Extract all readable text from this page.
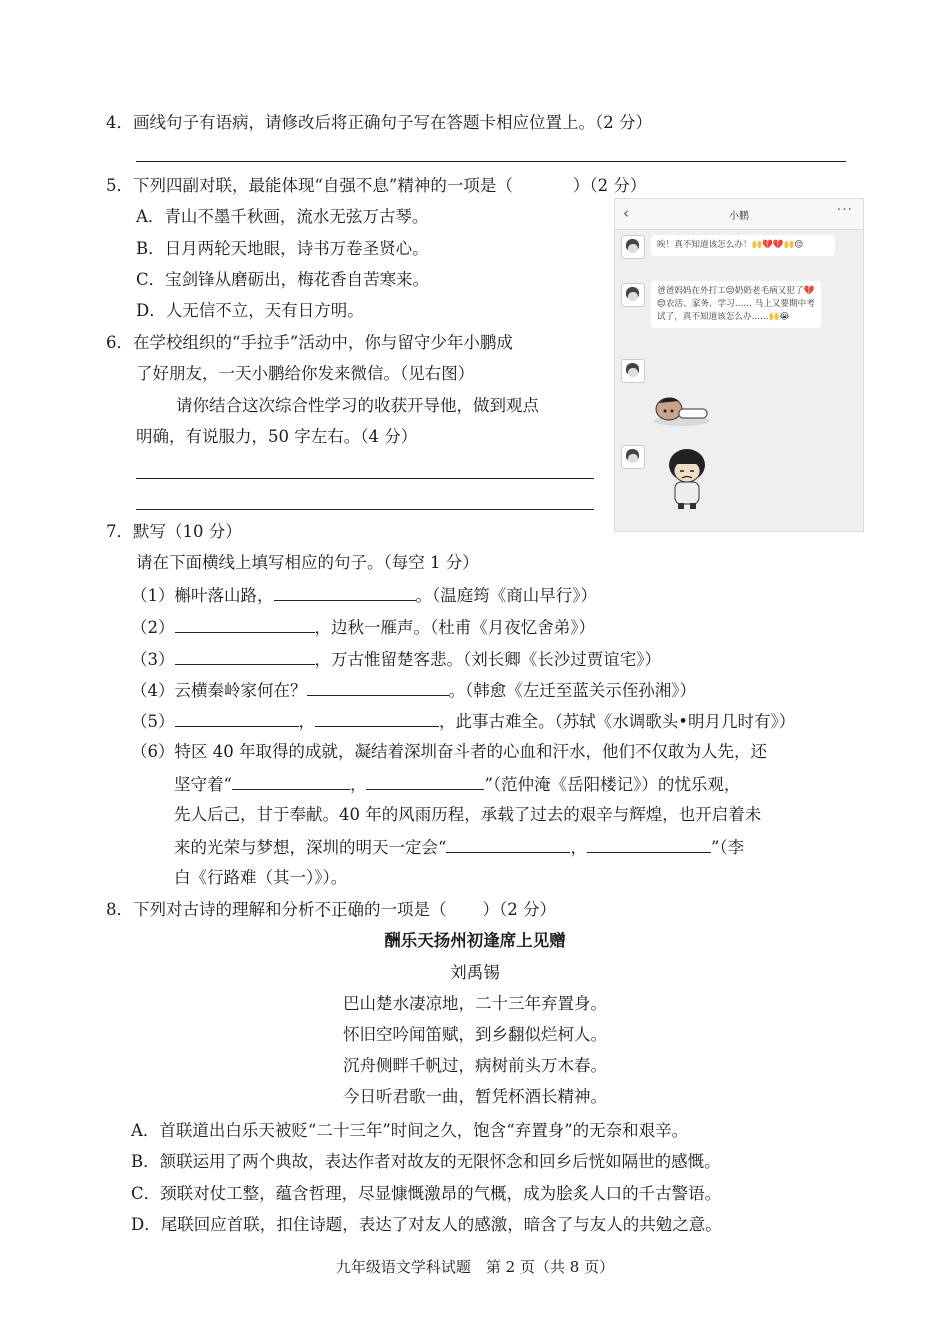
4．画线句子有语病，请修改后将正确句子写在答题卡相应位置上。（2 分）
5．下列四副对联，最能体现“自强不息”精神的一项是（	）（2 分）
A．青山不墨千秋画，流水无弦万古琴。
B．日月两轮天地眼，诗书万卷圣贤心。
C．宝剑锋从磨砺出，梅花香自苦寒来。
D．人无信不立，天有日方明。
6．在学校组织的“手拉手”活动中，你与留守少年小鹏成
了好朋友，一天小鹏给你发来微信。（见右图）
请你结合这次综合性学习的收获开导他，做到观点
明确，有说服力，50 字左右。（4 分）
‹	小鹏	···
唉！真不知道该怎么办！🙌💔💔🙌😔
爸爸妈妈在外打工😔奶奶老毛病又犯了💔😔农活、家务、学习…… 马上又要期中考试了，真不知道该怎么办……🙌😭
7．默写（10 分）
请在下面横线上填写相应的句子。（每空 1 分）
（1）槲叶落山路，	。（温庭筠《商山早行》）
（2）	，边秋一雁声。（杜甫《月夜忆舍弟》）
（3）	，万古惟留楚客悲。（刘长卿《长沙过贾谊宅》）
（4）云横秦岭家何在？	。（韩愈《左迁至蓝关示侄孙湘》）
（5）	，	，此事古难全。（苏轼《水调歌头•明月几时有》）
（6）特区 40 年取得的成就，凝结着深圳奋斗者的心血和汗水，他们不仅敢为人先，还
坚守着“	，	”（范仲淹《岳阳楼记》）的忧乐观，
先人后己，甘于奉献。40 年的风雨历程，承载了过去的艰辛与辉煌，也开启着未
来的光荣与梦想，深圳的明天一定会“	，	”（李
白《行路难（其一）》）。
8．下列对古诗的理解和分析不正确的一项是（ ）（2 分）
酬乐天扬州初逢席上见赠
刘禹锡
巴山楚水凄凉地，二十三年弃置身。
怀旧空吟闻笛赋，到乡翻似烂柯人。
沉舟侧畔千帆过，病树前头万木春。
今日听君歌一曲，暂凭杯酒长精神。
A．首联道出白乐天被贬“二十三年”时间之久，饱含“弃置身”的无奈和艰辛。
B．颔联运用了两个典故，表达作者对故友的无限怀念和回乡后恍如隔世的感慨。
C．颈联对仗工整，蕴含哲理，尽显慷慨激昂的气概，成为脍炙人口的千古警语。
D．尾联回应首联，扣住诗题，表达了对友人的感激，暗含了与友人的共勉之意。
九年级语文学科试题　第 2 页（共 8 页）
